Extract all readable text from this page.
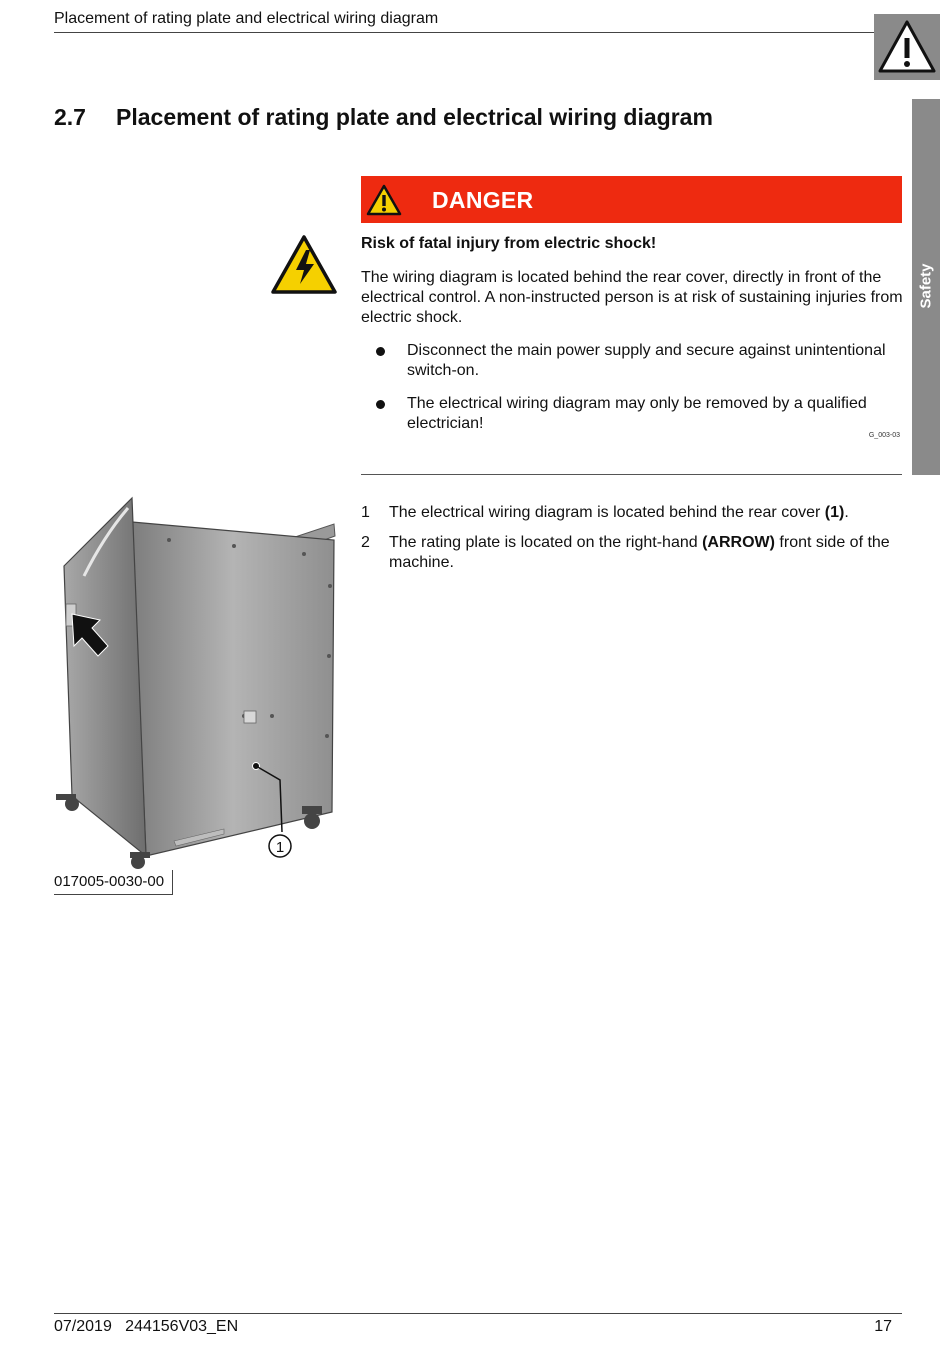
Placement of rating plate and electrical wiring diagram
Safety
2.7 Placement of rating plate and electrical wiring diagram
DANGER
Risk of fatal injury from electric shock!
The wiring diagram is located behind the rear cover, directly in front of the electrical control. A non-instructed person is at risk of sustaining injuries from electric shock.
Disconnect the main power supply and secure against unintentional switch-on.
The electrical wiring diagram may only be removed by a qualified electrician!
G_003-03
1 The electrical wiring diagram is located behind the rear cover (1).
2 The rating plate is located on the right-hand (ARROW) front side of the machine.
1
017005-0030-00
07/2019   244156V03_EN	17
